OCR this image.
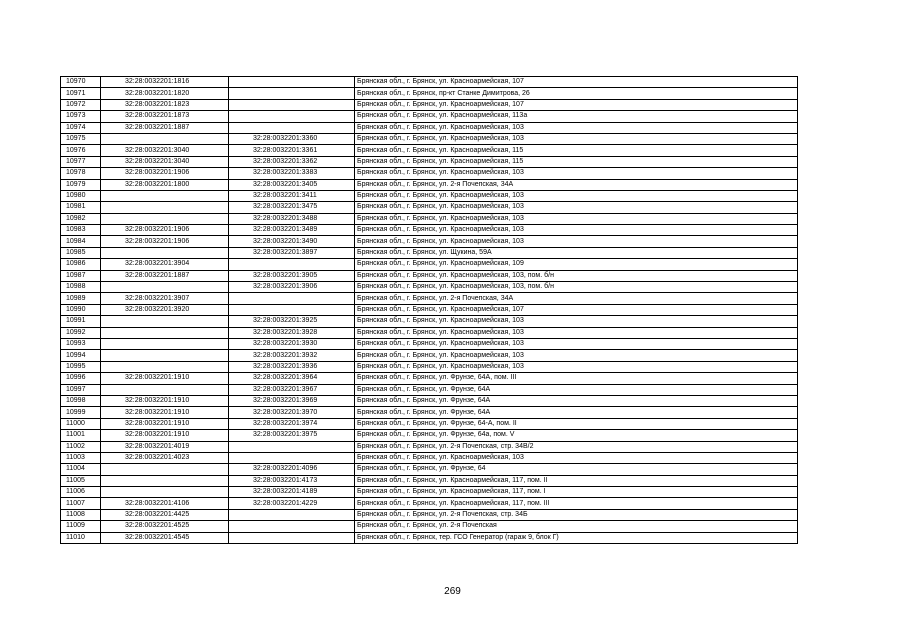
10970	32:28:0032201:1816		Брянская обл., г. Брянск, ул. Красноармейская, 107
10971	32:28:0032201:1820		Брянская обл., г. Брянск, пр-кт Станке Димитрова, 26
10972	32:28:0032201:1823		Брянская обл., г. Брянск, ул. Красноармейская, 107
10973	32:28:0032201:1873		Брянская обл., г. Брянск, ул. Красноармейская, 113а
10974	32:28:0032201:1887		Брянская обл., г. Брянск, ул. Красноармейская, 103
10975		32:28:0032201:3360	Брянская обл., г. Брянск, ул. Красноармейская, 103
10976	32:28:0032201:3040	32:28:0032201:3361	Брянская обл., г. Брянск, ул. Красноармейская, 115
10977	32:28:0032201:3040	32:28:0032201:3362	Брянская обл., г. Брянск, ул. Красноармейская, 115
10978	32:28:0032201:1906	32:28:0032201:3383	Брянская обл., г. Брянск, ул. Красноармейская, 103
10979	32:28:0032201:1800	32:28:0032201:3405	Брянская обл., г. Брянск, ул. 2-я Почепская, 34А
10980		32:28:0032201:3411	Брянская обл., г. Брянск, ул. Красноармейская, 103
10981		32:28:0032201:3475	Брянская обл., г. Брянск, ул. Красноармейская, 103
10982		32:28:0032201:3488	Брянская обл., г. Брянск, ул. Красноармейская, 103
10983	32:28:0032201:1906	32:28:0032201:3489	Брянская обл., г. Брянск, ул. Красноармейская, 103
10984	32:28:0032201:1906	32:28:0032201:3490	Брянская обл., г. Брянск, ул. Красноармейская, 103
10985		32:28:0032201:3897	Брянская обл., г. Брянск, ул. Щукина, 59А
10986	32:28:0032201:3904		Брянская обл., г. Брянск, ул. Красноармейская, 109
10987	32:28:0032201:1887	32:28:0032201:3905	Брянская обл., г. Брянск, ул. Красноармейская, 103, пом. б/н
10988		32:28:0032201:3906	Брянская обл., г. Брянск, ул. Красноармейская, 103, пом. б/н
10989	32:28:0032201:3907		Брянская обл., г. Брянск, ул. 2-я Почепская, 34А
10990	32:28:0032201:3920		Брянская обл., г. Брянск, ул. Красноармейская, 107
10991		32:28:0032201:3925	Брянская обл., г. Брянск, ул. Красноармейская, 103
10992		32:28:0032201:3928	Брянская обл., г. Брянск, ул. Красноармейская, 103
10993		32:28:0032201:3930	Брянская обл., г. Брянск, ул. Красноармейская, 103
10994		32:28:0032201:3932	Брянская обл., г. Брянск, ул. Красноармейская, 103
10995		32:28:0032201:3936	Брянская обл., г. Брянск, ул. Красноармейская, 103
10996	32:28:0032201:1910	32:28:0032201:3964	Брянская обл., г. Брянск, ул. Фрунзе, 64А, пом. III
10997		32:28:0032201:3967	Брянская обл., г. Брянск, ул. Фрунзе, 64А
10998	32:28:0032201:1910	32:28:0032201:3969	Брянская обл., г. Брянск, ул. Фрунзе, 64А
10999	32:28:0032201:1910	32:28:0032201:3970	Брянская обл., г. Брянск, ул. Фрунзе, 64А
11000	32:28:0032201:1910	32:28:0032201:3974	Брянская обл., г. Брянск, ул. Фрунзе, 64-А, пом. II
11001	32:28:0032201:1910	32:28:0032201:3975	Брянская обл., г. Брянск, ул. Фрунзе, 64а, пом. V
11002	32:28:0032201:4019		Брянская обл., г. Брянск, ул. 2-я Почепская, стр. 34В/2
11003	32:28:0032201:4023		Брянская обл., г. Брянск, ул. Красноармейская, 103
11004		32:28:0032201:4096	Брянская обл., г. Брянск, ул. Фрунзе, 64
11005		32:28:0032201:4173	Брянская обл., г. Брянск, ул. Красноармейская, 117, пом. II
11006		32:28:0032201:4189	Брянская обл., г. Брянск, ул. Красноармейская, 117, пом. I
11007	32:28:0032201:4106	32:28:0032201:4229	Брянская обл., г. Брянск, ул. Красноармейская, 117, пом. III
11008	32:28:0032201:4425		Брянская обл., г. Брянск, ул. 2-я Почепская, стр. 34Б
11009	32:28:0032201:4525		Брянская обл., г. Брянск, ул. 2-я Почепская
11010	32:28:0032201:4545		Брянская обл., г. Брянск, тер. ГСО Генератор (гараж 9, блок Г)
269
